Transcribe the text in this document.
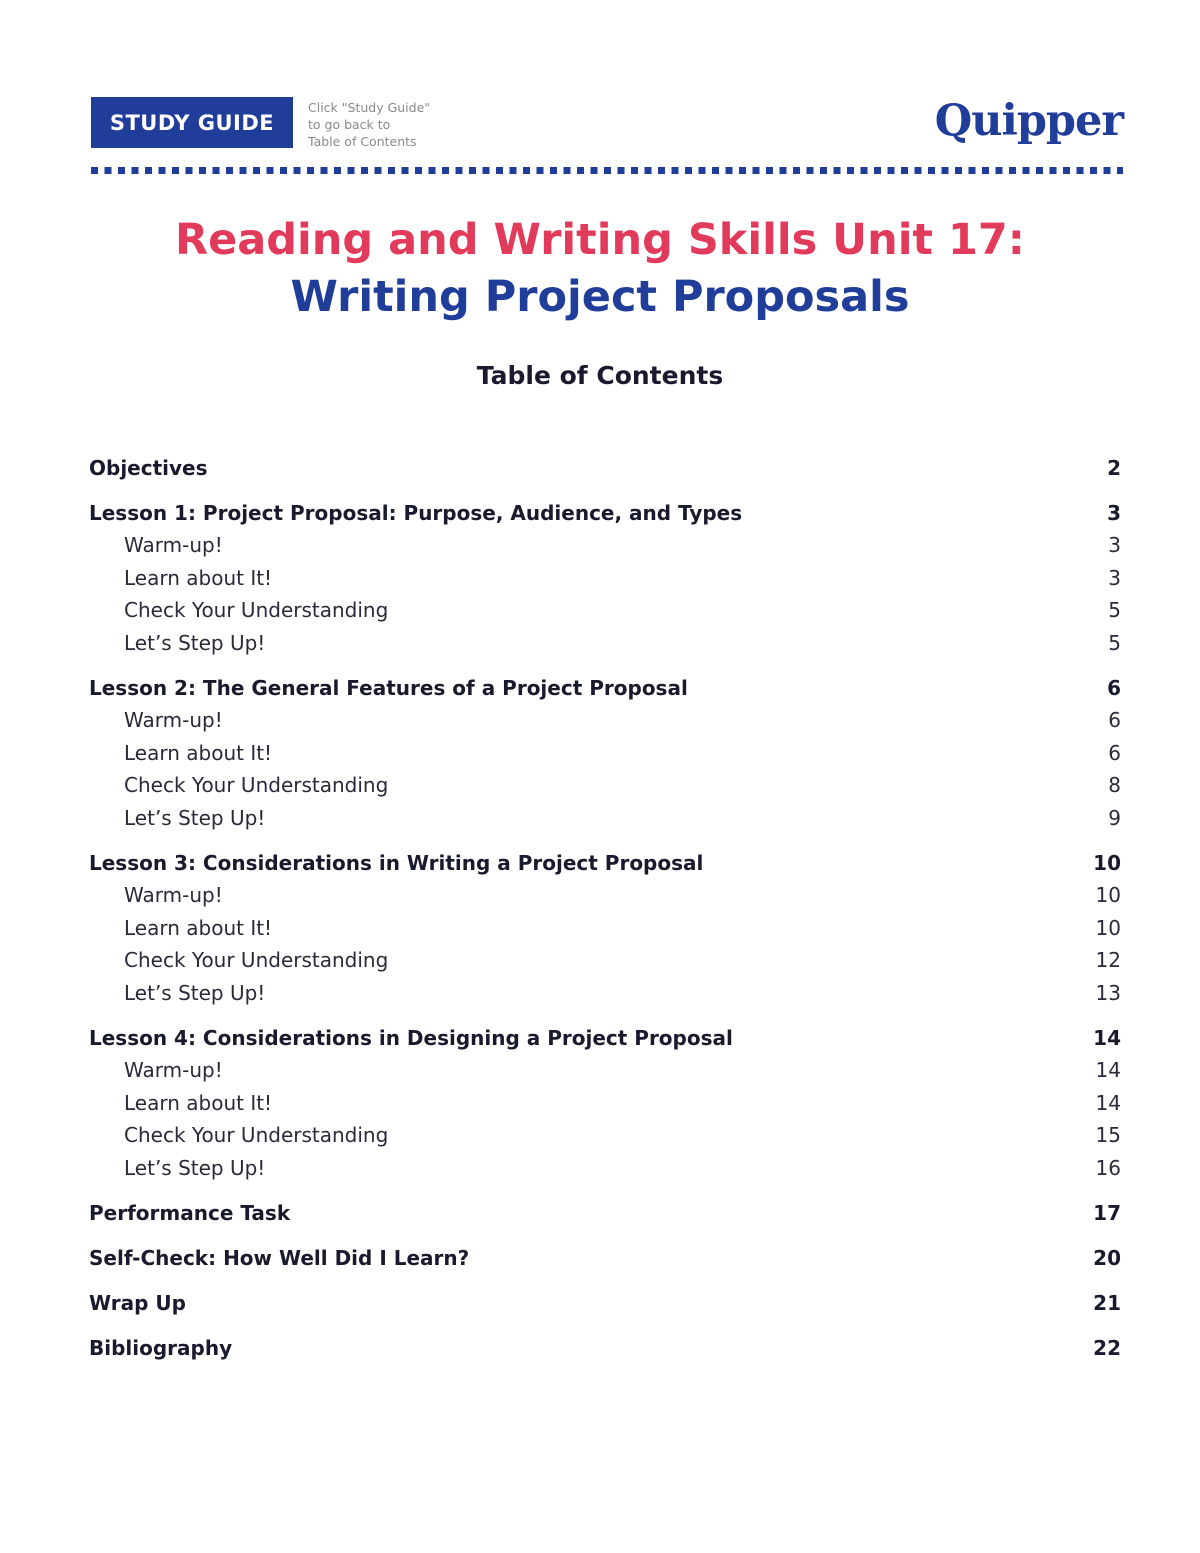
STUDY GUIDE
Click "Study Guide"
to go back to
Table of Contents	Quipper
Reading and Writing Skills Unit 17:
Writing Project Proposals
Table of Contents
Objectives	2
Lesson 1: Project Proposal: Purpose, Audience, and Types	3
Warm-up!	3
Learn about It!	3
Check Your Understanding	5
Let’s Step Up!	5
Lesson 2: The General Features of a Project Proposal	6
Warm-up!	6
Learn about It!	6
Check Your Understanding	8
Let’s Step Up!	9
Lesson 3: Considerations in Writing a Project Proposal	10
Warm-up!	10
Learn about It!	10
Check Your Understanding	12
Let’s Step Up!	13
Lesson 4: Considerations in Designing a Project Proposal	14
Warm-up!	14
Learn about It!	14
Check Your Understanding	15
Let’s Step Up!	16
Performance Task	17
Self-Check: How Well Did I Learn?	20
Wrap Up	21
Bibliography	22
